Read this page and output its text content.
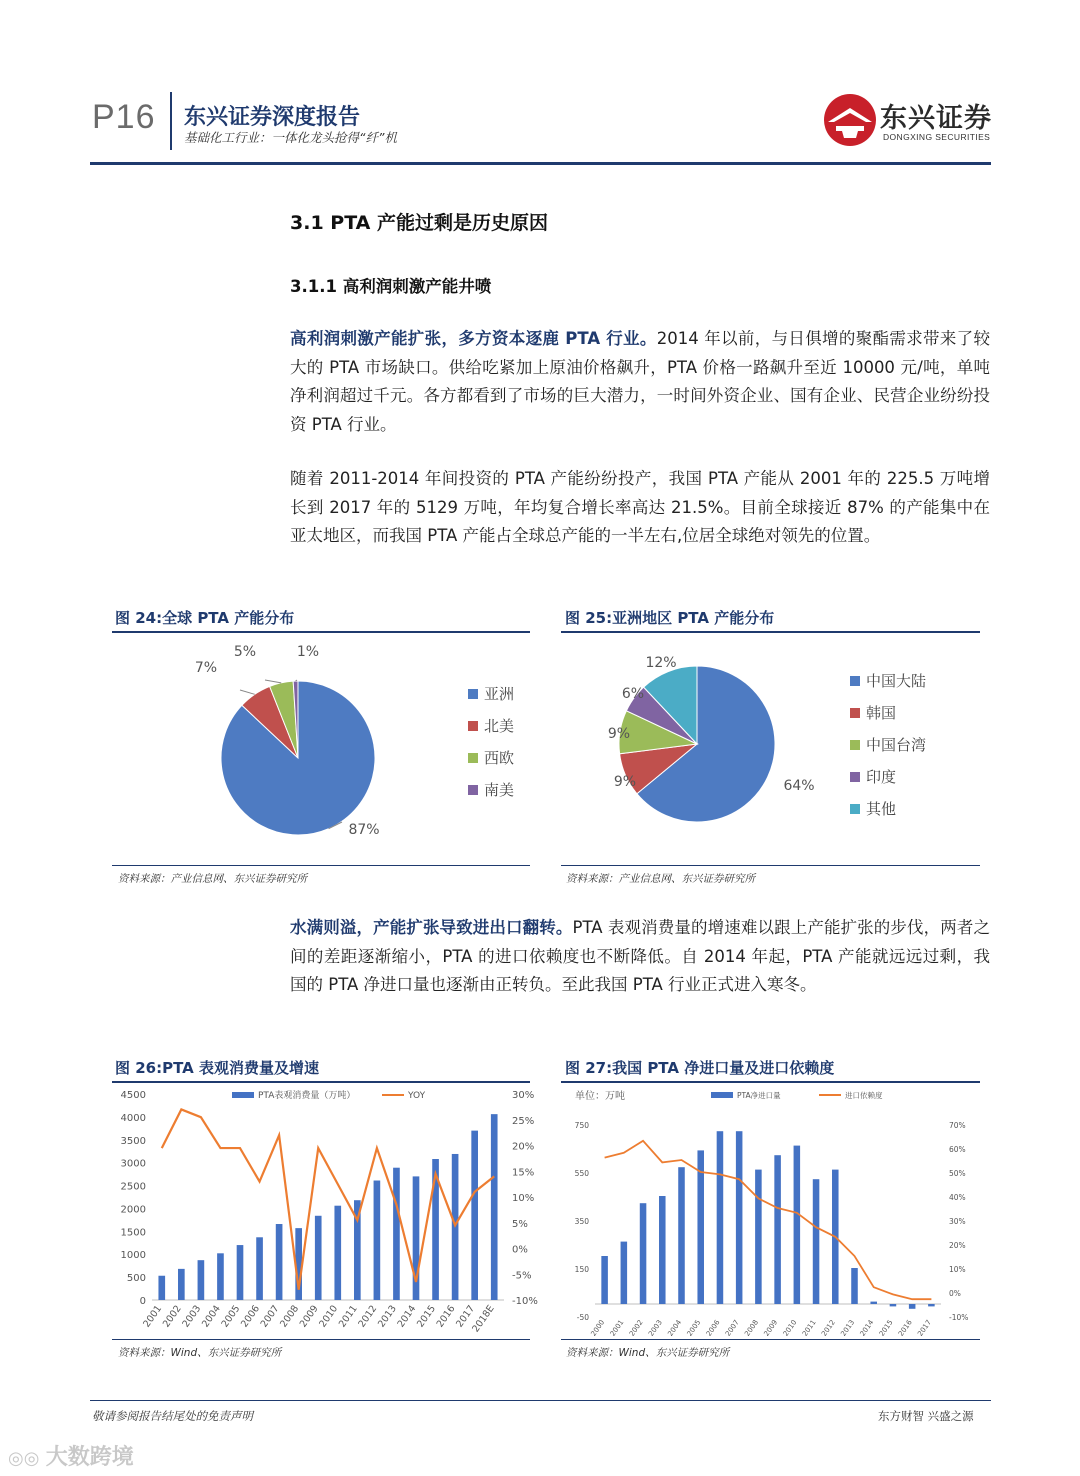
P16 东兴证券深度报告
基础化工行业：一体化龙头抢得“纤”机
东兴证券
DONGXING SECURITIES
3.1 PTA 产能过剩是历史原因
3.1.1 高利润刺激产能井喷
高利润刺激产能扩张，多方资本逐鹿 PTA 行业。2014 年以前，与日俱增的聚酯需求带来了较大的 PTA 市场缺口。供给吃紧加上原油价格飙升，PTA 价格一路飙升至近 10000 元/吨，单吨净利润超过千元。各方都看到了市场的巨大潜力，一时间外资企业、国有企业、民营企业纷纷投资 PTA 行业。
随着 2011-2014 年间投资的 PTA 产能纷纷投产，我国 PTA 产能从 2001 年的 225.5 万吨增长到 2017 年的 5129 万吨，年均复合增长率高达 21.5%。目前全球接近 87% 的产能集中在亚太地区，而我国 PTA 产能占全球总产能的一半左右,位居全球绝对领先的位置。
图 24:全球 PTA 产能分布
87%
7%
5%	1%
亚洲
北美
西欧
南美
资料来源：产业信息网、东兴证券研究所
图 25:亚洲地区 PTA 产能分布
64%
9%
9%
6%
12%
中国大陆
韩国
中国台湾
印度
其他
资料来源：产业信息网、东兴证券研究所
水满则溢，产能扩张导致进出口翻转。PTA 表观消费量的增速难以跟上产能扩张的步伐，两者之间的差距逐渐缩小，PTA 的进口依赖度也不断降低。自 2014 年起，PTA 产能就远远过剩，我国的 PTA 净进口量也逐渐由正转负。至此我国 PTA 行业正式进入寒冬。
图 26:PTA 表观消费量及增速
0
500
1000
1500
2000
2500
3000
3500
4000
4500
-10%
-5%
0%
5%
10%
15%
20%
25%
30%
2001
2002
2003
2004
2005
2006
2007
2008
2009
2010
2011
2012
2013
2014
2015
2016
2017
2018E
PTA表观消费量（万吨）	YOY
资料来源：Wind、东兴证券研究所
图 27:我国 PTA 净进口量及进口依赖度
-50
150
350
550
750
-10%
0%
10%
20%
30%
40%
50%
60%
70%
2000 2001 2002 2003 2004 2005 2006 2007 2008 2009 2010 2011 2012 2013 2014 2015 2016 2017
PTA净进口量	进口依赖度
单位：万吨
资料来源：Wind、东兴证券研究所
敬请参阅报告结尾处的免责声明	东方财智 兴盛之源
◎◎ 大数跨境
